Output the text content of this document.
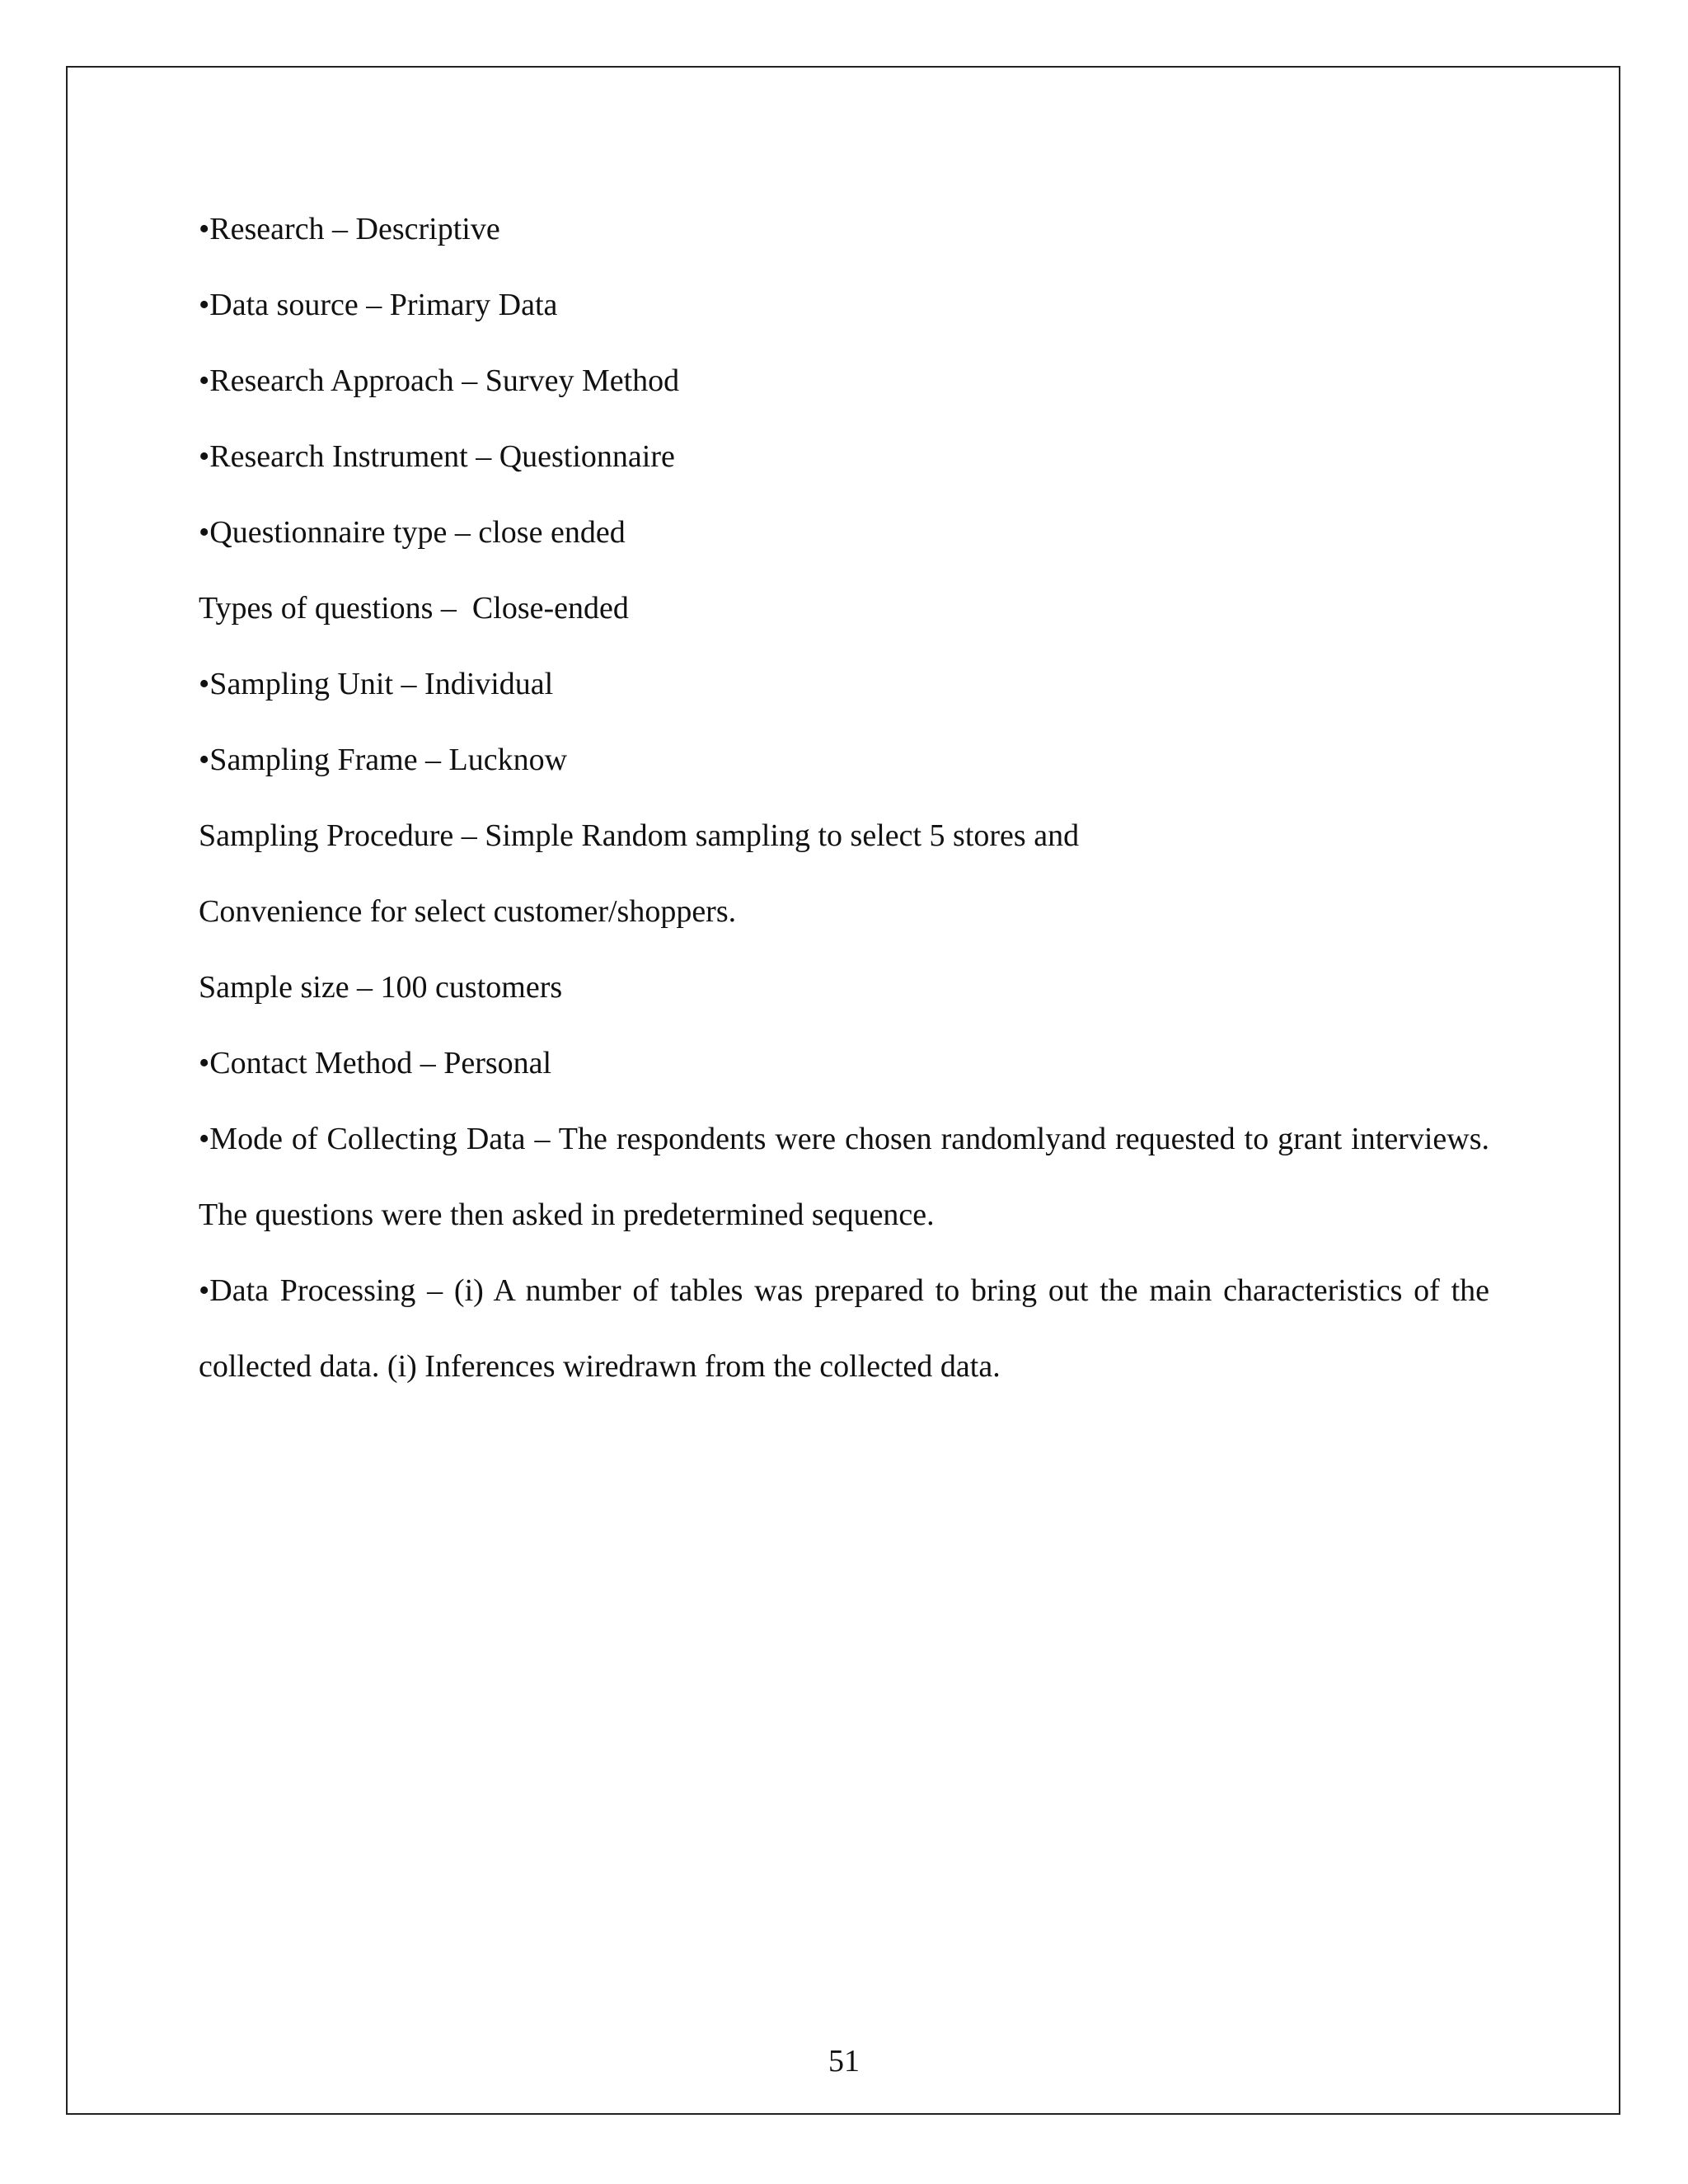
•Research – Descriptive

•Data source – Primary Data

•Research Approach – Survey Method

•Research Instrument – Questionnaire

•Questionnaire type – close ended

Types of questions –  Close-ended

•Sampling Unit – Individual

•Sampling Frame – Lucknow

Sampling Procedure – Simple Random sampling to select 5 stores and

Convenience for select customer/shoppers.

Sample size – 100 customers

•Contact Method – Personal

•Mode of Collecting Data – The respondents were chosen randomlyand requested to grant interviews. The questions were then asked in predetermined sequence.

•Data Processing – (i) A number of tables was prepared to bring out the main characteristics of the collected data. (i) Inferences wiredrawn from the collected data.

51
